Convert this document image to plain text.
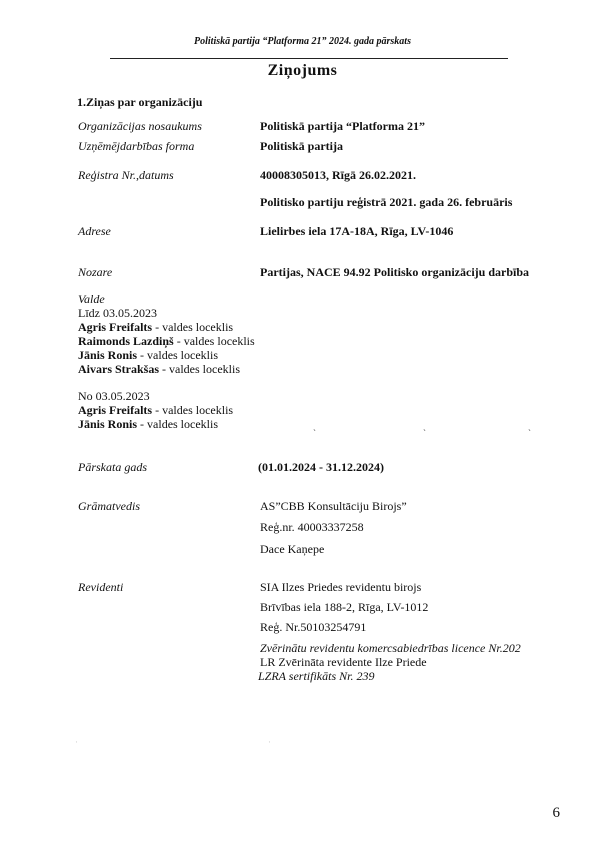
Politiskā partija “Platforma 21” 2024. gada pārskats
Ziņojums
1.Ziņas par organizāciju
Organizācijas nosaukums	Politiskā partija “Platforma 21”
Uzņēmējdarbības forma	Politiskā partija
Reģistra Nr.,datums	40008305013, Rīgā 26.02.2021.
Politisko partiju reģistrā 2021. gada 26. februāris
Adrese	Lielirbes iela 17A-18A, Rīga, LV-1046
Nozare	Partijas, NACE 94.92 Politisko organizāciju darbība
Valde
Līdz 03.05.2023
Agris Freifalts - valdes loceklis
Raimonds Lazdiņš - valdes loceklis
Jānis Ronis - valdes loceklis
Aivars Strakšas - valdes loceklis
No 03.05.2023
Agris Freifalts - valdes loceklis
Jānis Ronis - valdes loceklis	ˏ	ˏ	ˏ
Pārskata gads	(01.01.2024 - 31.12.2024)
Grāmatvedis	AS”CBB Konsultāciju Birojs”
Reģ.nr. 40003337258
Dace Kaņepe
Revidenti	SIA Ilzes Priedes revidentu birojs
Brīvības iela 188-2, Rīga, LV-1012
Reģ. Nr.50103254791
Zvērinātu revidentu komercsabiedrības licence Nr.202
LR Zvērināta revidente Ilze Priede
LZRA sertifikāts Nr. 239
·	·
6
